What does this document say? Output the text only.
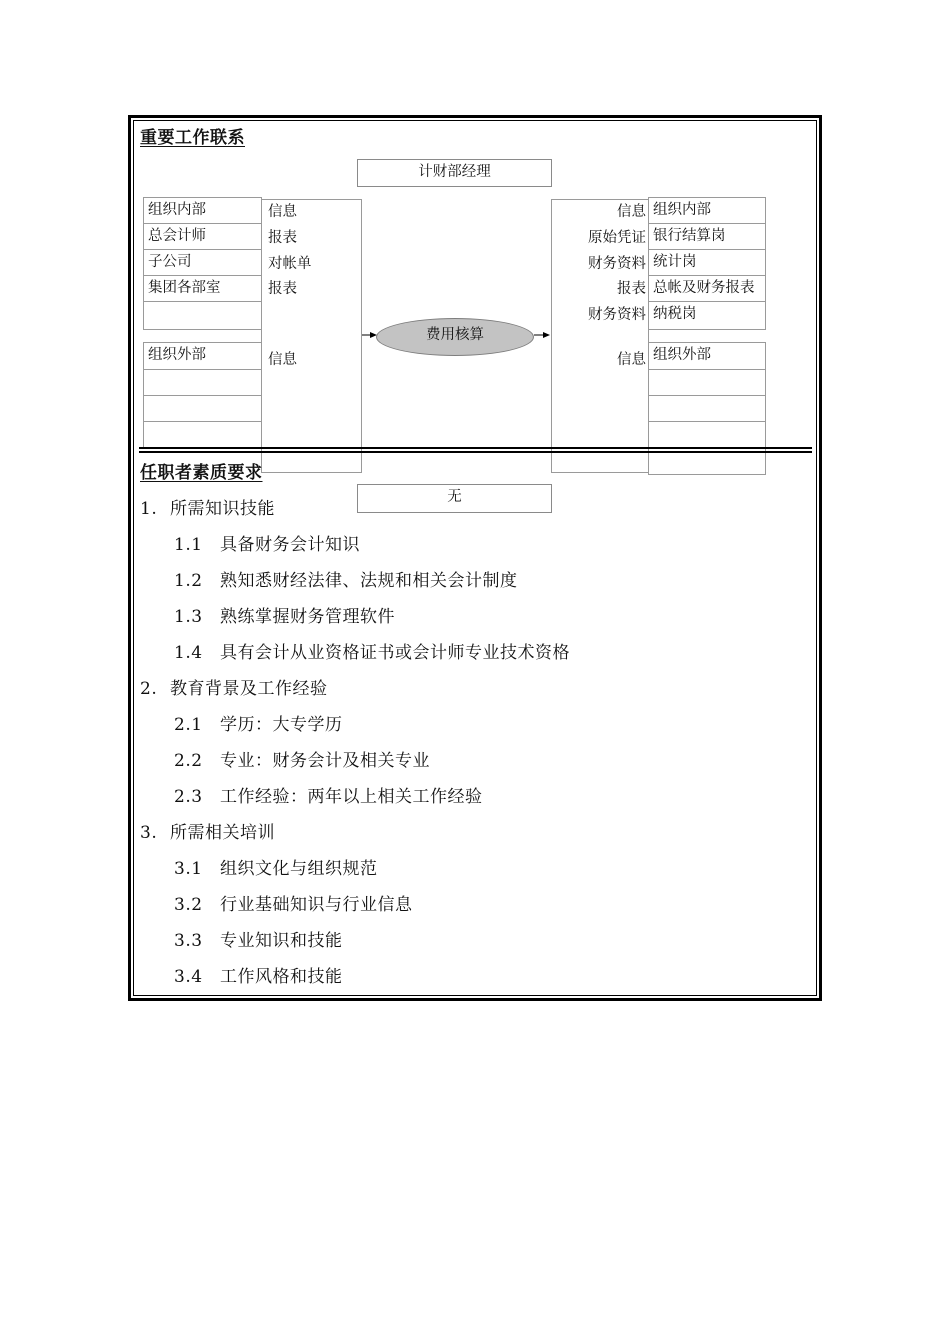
重要工作联系
计财部经理
组织内部
总会计师
子公司
集团各部室
信息
报表
对帐单
报表
组织外部	信息
信息
原始凭证
财务资料
报表
财务资料
组织内部
银行结算岗
统计岗
总帐及财务报表
纳税岗
信息 组织外部
费用核算
任职者素质要求
无
1. 所需知识技能
1.1 具备财务会计知识
1.2 熟知悉财经法律、法规和相关会计制度
1.3 熟练掌握财务管理软件
1.4 具有会计从业资格证书或会计师专业技术资格
2. 教育背景及工作经验
2.1 学历：大专学历
2.2 专业：财务会计及相关专业
2.3 工作经验：两年以上相关工作经验
3. 所需相关培训
3.1 组织文化与组织规范
3.2 行业基础知识与行业信息
3.3 专业知识和技能
3.4 工作风格和技能
